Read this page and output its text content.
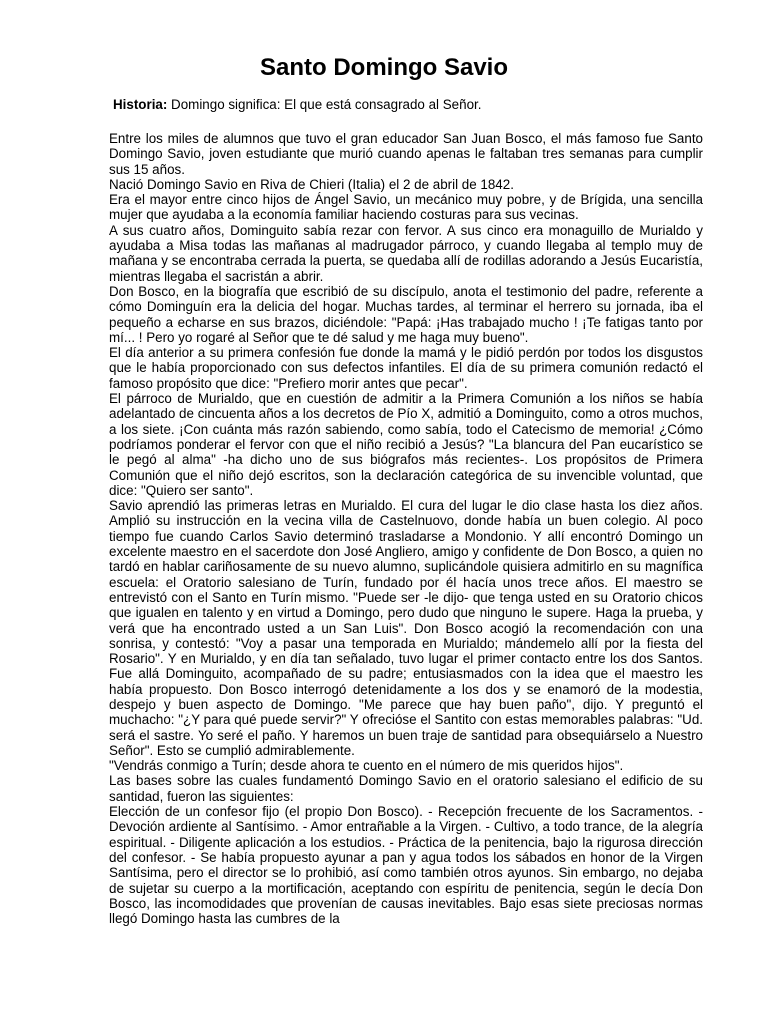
Santo Domingo Savio

Historia: Domingo significa: El que está consagrado al Señor.

Entre los miles de alumnos que tuvo el gran educador San Juan Bosco, el más famoso fue Santo Domingo Savio, joven estudiante que murió cuando apenas le faltaban tres semanas para cumplir sus 15 años.

Nació Domingo Savio en Riva de Chieri (Italia) el 2 de abril de 1842.

Era el mayor entre cinco hijos de Ángel Savio, un mecánico muy pobre, y de Brígida, una sencilla mujer que ayudaba a la economía familiar haciendo costuras para sus vecinas.

A sus cuatro años, Dominguito sabía rezar con fervor. A sus cinco era monaguillo de Murialdo y ayudaba a Misa todas las mañanas al madrugador párroco, y cuando llegaba al templo muy de mañana y se encontraba cerrada la puerta, se quedaba allí de rodillas adorando a Jesús Eucaristía, mientras llegaba el sacristán a abrir.

Don Bosco, en la biografía que escribió de su discípulo, anota el testimonio del padre, referente a cómo Dominguín era la delicia del hogar. Muchas tardes, al terminar el herrero su jornada, iba el pequeño a echarse en sus brazos, diciéndole: "Papá: ¡Has trabajado mucho ! ¡Te fatigas tanto por mí... ! Pero yo rogaré al Señor que te dé salud y me haga muy bueno".

El día anterior a su primera confesión fue donde la mamá y le pidió perdón por todos los disgustos que le había proporcionado con sus defectos infantiles. El día de su primera comunión redactó el famoso propósito que dice: "Prefiero morir antes que pecar".

El párroco de Murialdo, que en cuestión de admitir a la Primera Comunión a los niños se había adelantado de cincuenta años a los decretos de Pío X, admitió a Dominguito, como a otros muchos, a los siete. ¡Con cuánta más razón sabiendo, como sabía, todo el Catecismo de memoria! ¿Cómo podríamos ponderar el fervor con que el niño recibió a Jesús? "La blancura del Pan eucarístico se le pegó al alma" -ha dicho uno de sus biógrafos más recientes-. Los propósitos de Primera Comunión que el niño dejó escritos, son la declaración categórica de su invencible voluntad, que dice: "Quiero ser santo".

Savio aprendió las primeras letras en Murialdo. El cura del lugar le dio clase hasta los diez años. Amplió su instrucción en la vecina villa de Castelnuovo, donde había un buen colegio. Al poco tiempo fue cuando Carlos Savio determinó trasladarse a Mondonio. Y allí encontró Domingo un excelente maestro en el sacerdote don José Angliero, amigo y confidente de Don Bosco, a quien no tardó en hablar cariñosamente de su nuevo alumno, suplicándole quisiera admitirlo en su magnífica escuela: el Oratorio salesiano de Turín, fundado por él hacía unos trece años. El maestro se entrevistó con el Santo en Turín mismo. "Puede ser -le dijo- que tenga usted en su Oratorio chicos que igualen en talento y en virtud a Domingo, pero dudo que ninguno le supere. Haga la prueba, y verá que ha encontrado usted a un San Luis". Don Bosco acogió la recomendación con una sonrisa, y contestó: "Voy a pasar una temporada en Murialdo; mándemelo allí por la fiesta del Rosario". Y en Murialdo, y en día tan señalado, tuvo lugar el primer contacto entre los dos Santos. Fue allá Dominguito, acompañado de su padre; entusiasmados con la idea que el maestro les había propuesto. Don Bosco interrogó detenidamente a los dos y se enamoró de la modestia, despejo y buen aspecto de Domingo. "Me parece que hay buen paño", dijo. Y preguntó el muchacho: "¿Y para qué puede servir?" Y ofrecióse el Santito con estas memorables palabras: "Ud. será el sastre. Yo seré el paño. Y haremos un buen traje de santidad para obsequiárselo a Nuestro Señor". Esto se cumplió admirablemente.

"Vendrás conmigo a Turín; desde ahora te cuento en el número de mis queridos hijos".

Las bases sobre las cuales fundamentó Domingo Savio en el oratorio salesiano el edificio de su santidad, fueron las siguientes:

Elección de un confesor fijo (el propio Don Bosco). - Recepción frecuente de los Sacramentos. - Devoción ardiente al Santísimo. - Amor entrañable a la Virgen. - Cultivo, a todo trance, de la alegría espiritual. - Diligente aplicación a los estudios. - Práctica de la penitencia, bajo la rigurosa dirección del confesor. - Se había propuesto ayunar a pan y agua todos los sábados en honor de la Virgen Santísima, pero el director se lo prohibió, así como también otros ayunos. Sin embargo, no dejaba de sujetar su cuerpo a la mortificación, aceptando con espíritu de penitencia, según le decía Don Bosco, las incomodidades que provenían de causas inevitables. Bajo esas siete preciosas normas llegó Domingo hasta las cumbres de la
